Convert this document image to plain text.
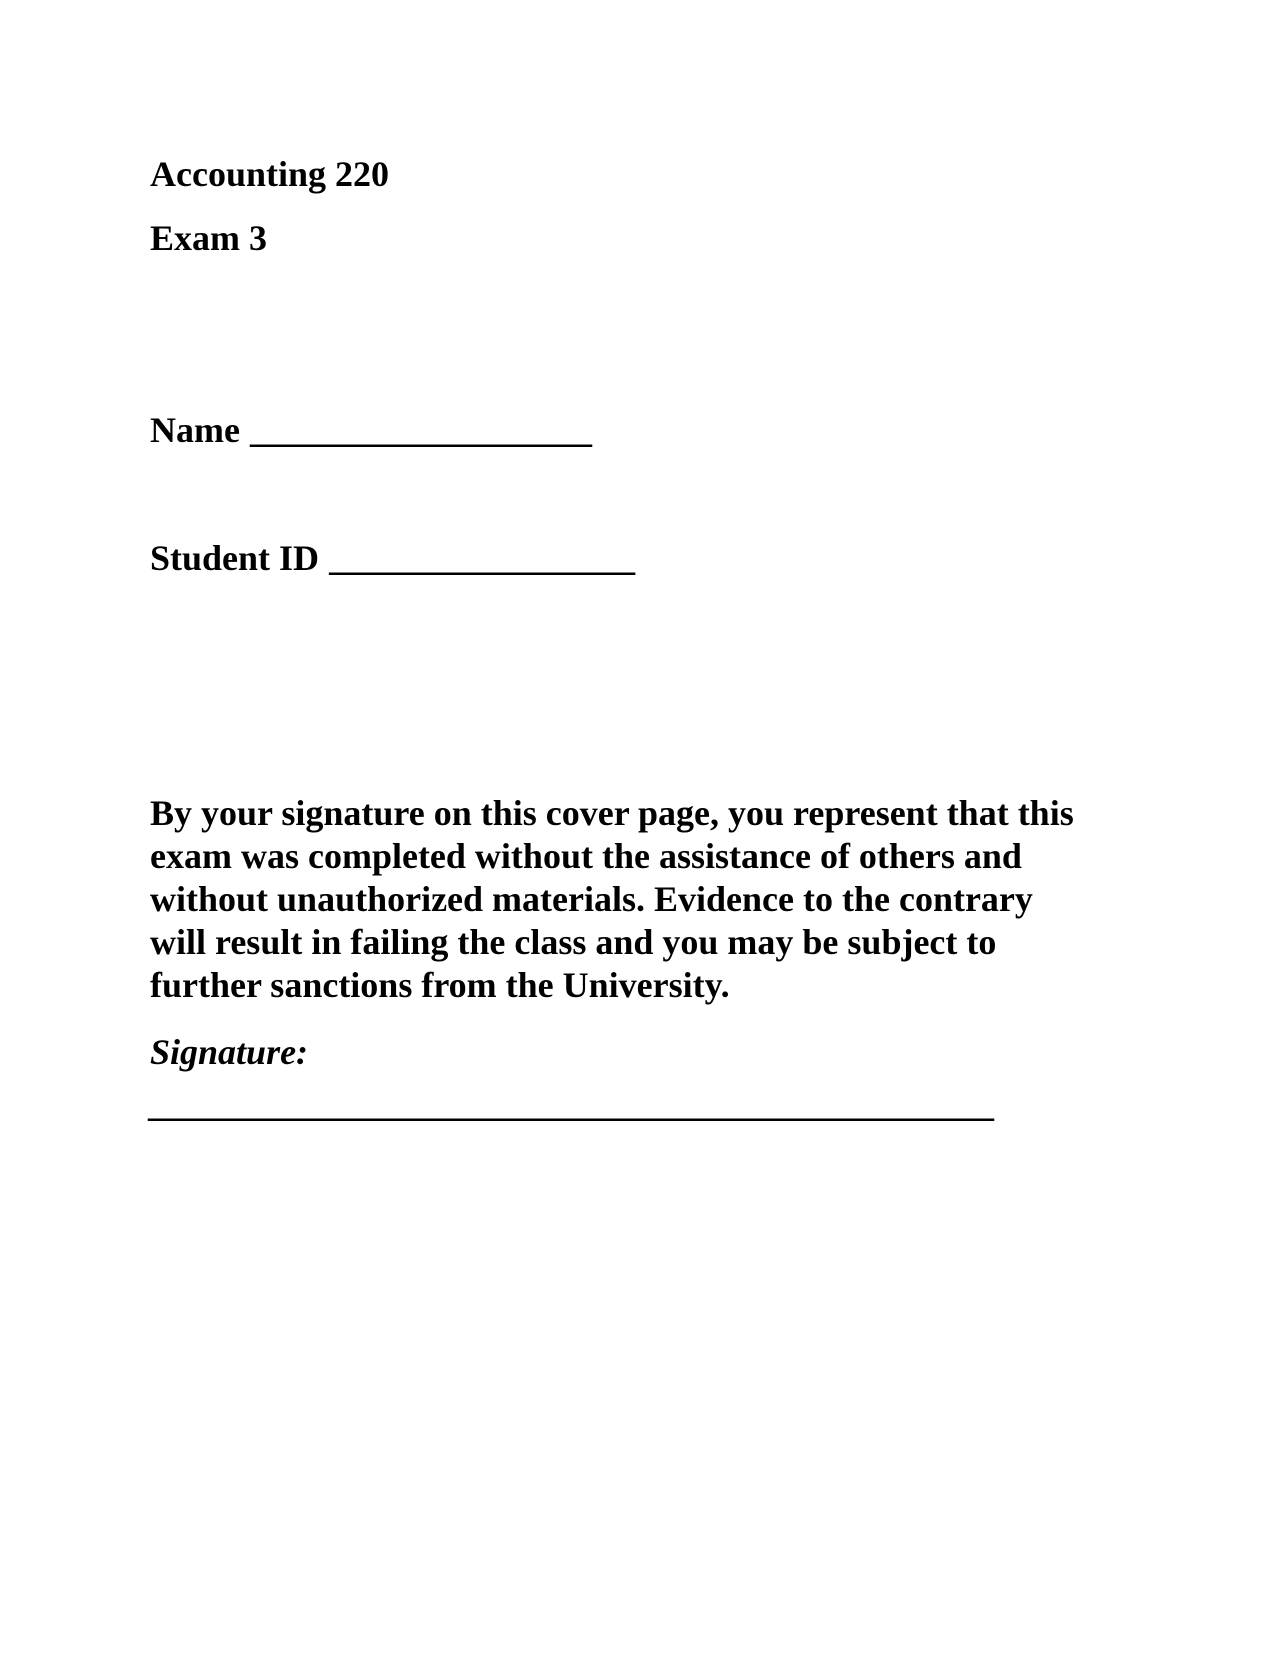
Accounting 220
Exam 3
Name ___________________
Student ID _________________
By your signature on this cover page, you represent that this
exam was completed without the assistance of others and
without unauthorized materials. Evidence to the contrary
will result in failing the class and you may be subject to
further sanctions from the University.
Signature:
_______________________________________________
